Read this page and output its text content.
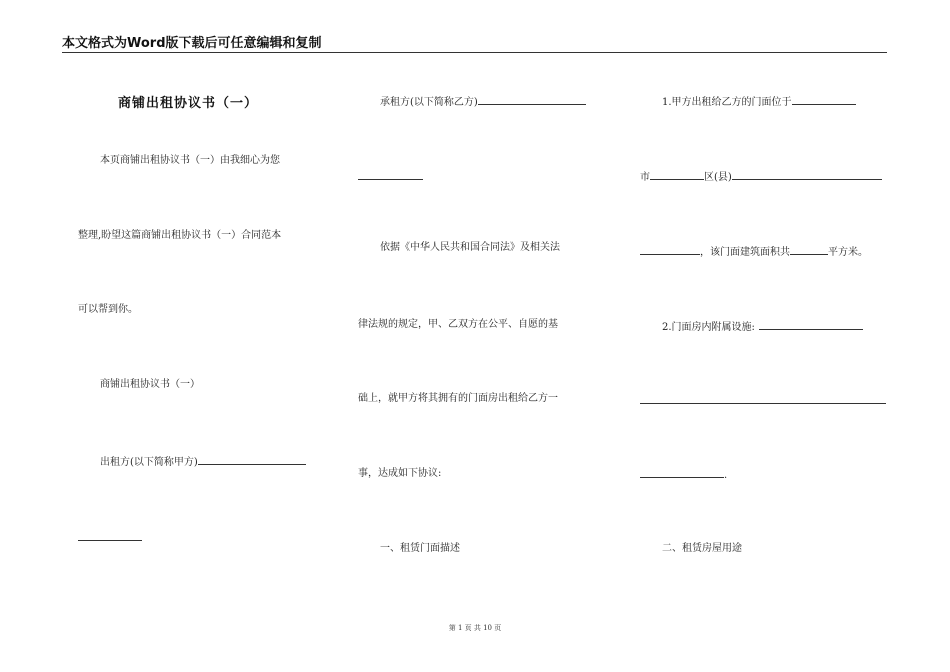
本文格式为Word版下载后可任意编辑和复制
商铺出租协议书（一）
本页商铺出租协议书（一）由我细心为您
整理,盼望这篇商铺出租协议书（一）合同范本
可以帮到你。
商铺出租协议书（一）
出租方(以下简称甲方)
承租方(以下简称乙方)
依据《中华人民共和国合同法》及相关法
律法规的规定，甲、乙双方在公平、自愿的基
础上，就甲方将其拥有的门面房出租给乙方一
事，达成如下协议:
一、租赁门面描述
1.甲方出租给乙方的门面位于
市	区(县)
，该门面建筑面积共	平方米。
2.门面房内附属设施:
.
二、租赁房屋用途
第 1 页 共 10 页
